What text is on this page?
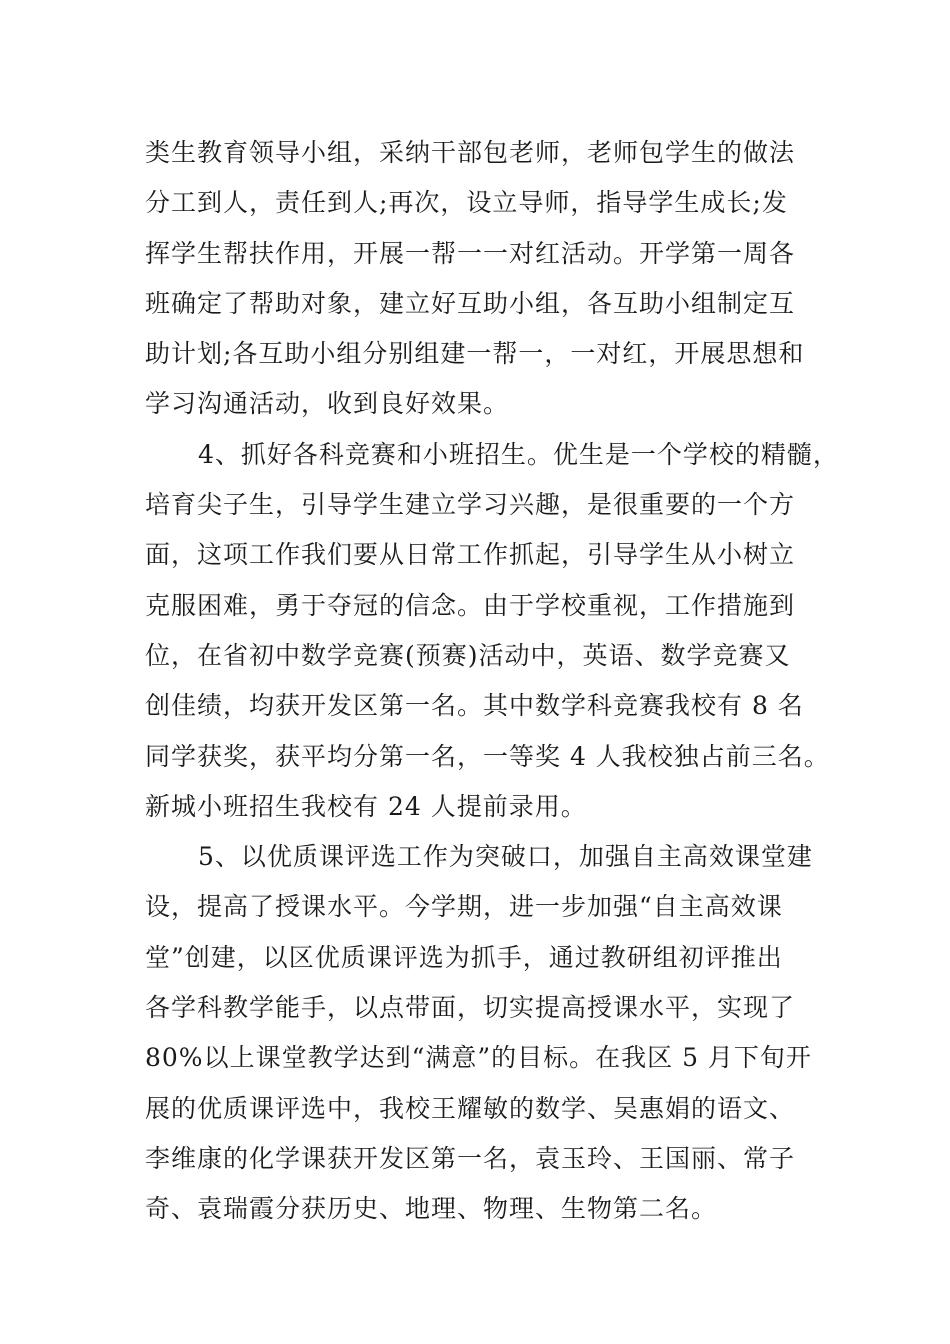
类生教育领导小组，采纳干部包老师，老师包学生的做法
分工到人，责任到人;再次，设立导师，指导学生成长;发
挥学生帮扶作用，开展一帮一一对红活动。开学第一周各
班确定了帮助对象，建立好互助小组，各互助小组制定互
助计划;各互助小组分别组建一帮一，一对红，开展思想和
学习沟通活动，收到良好效果。
4、抓好各科竞赛和小班招生。优生是一个学校的精髓，
培育尖子生，引导学生建立学习兴趣，是很重要的一个方
面，这项工作我们要从日常工作抓起，引导学生从小树立
克服困难，勇于夺冠的信念。由于学校重视，工作措施到
位，在省初中数学竞赛(预赛)活动中，英语、数学竞赛又
创佳绩，均获开发区第一名。其中数学科竞赛我校有 8 名
同学获奖，获平均分第一名，一等奖 4 人我校独占前三名。
新城小班招生我校有 24 人提前录用。
5、以优质课评选工作为突破口，加强自主高效课堂建
设，提高了授课水平。今学期，进一步加强“自主高效课
堂”创建，以区优质课评选为抓手，通过教研组初评推出
各学科教学能手，以点带面，切实提高授课水平，实现了
80%以上课堂教学达到“满意”的目标。在我区 5 月下旬开
展的优质课评选中，我校王耀敏的数学、吴惠娟的语文、
李维康的化学课获开发区第一名，袁玉玲、王国丽、常子
奇、袁瑞霞分获历史、地理、物理、生物第二名。
